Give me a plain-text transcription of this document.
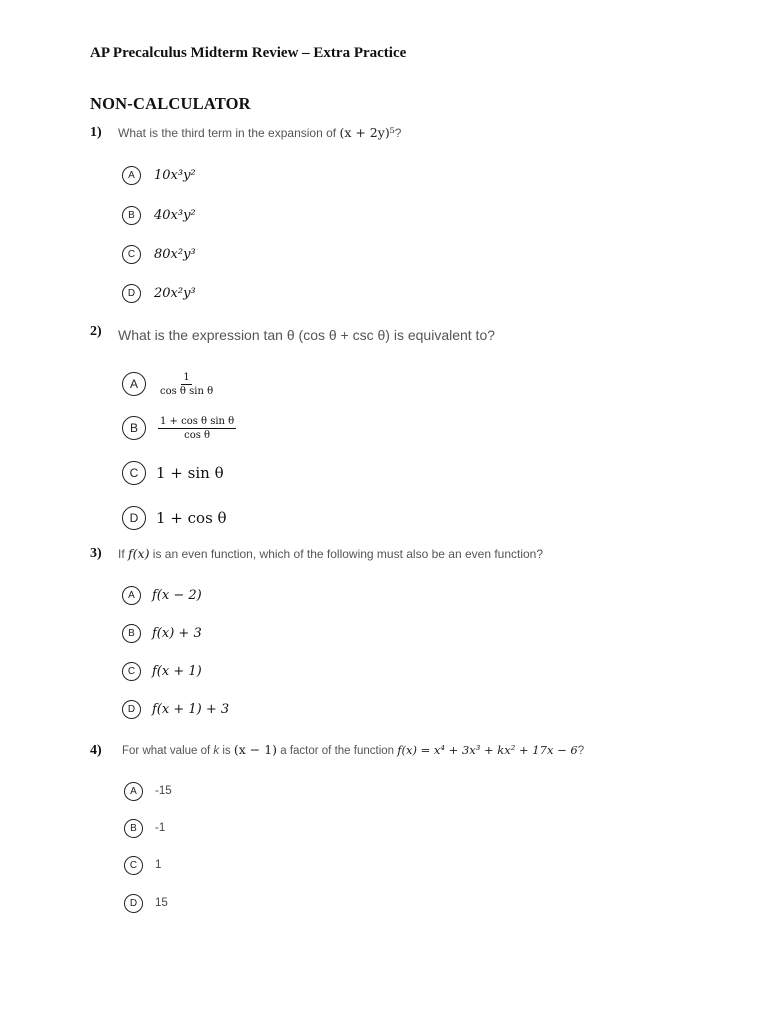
AP Precalculus Midterm Review – Extra Practice
NON-CALCULATOR
1) What is the third term in the expansion of (x + 2y)⁵?
A	10x³y²
B	40x³y²
C	80x²y³
D	20x²y³
2) What is the expression tan θ (cos θ + csc θ) is equivalent to?
A	$\frac{1}{\text{cos θ sin θ}}$
B	$\frac{\text{1 + cos θ sin θ}}{\text{cos θ}}$
C	1 + sin θ
D	1 + cos θ
3) If f(x) is an even function, which of the following must also be an even function?
A	f(x − 2)
B	f(x) + 3
C	f(x + 1)
D	f(x + 1) + 3
4) For what value of k is (x − 1) a factor of the function f(x) = x⁴ + 3x³ + kx² + 17x − 6?
A	-15
B	-1
C	1
D	15
